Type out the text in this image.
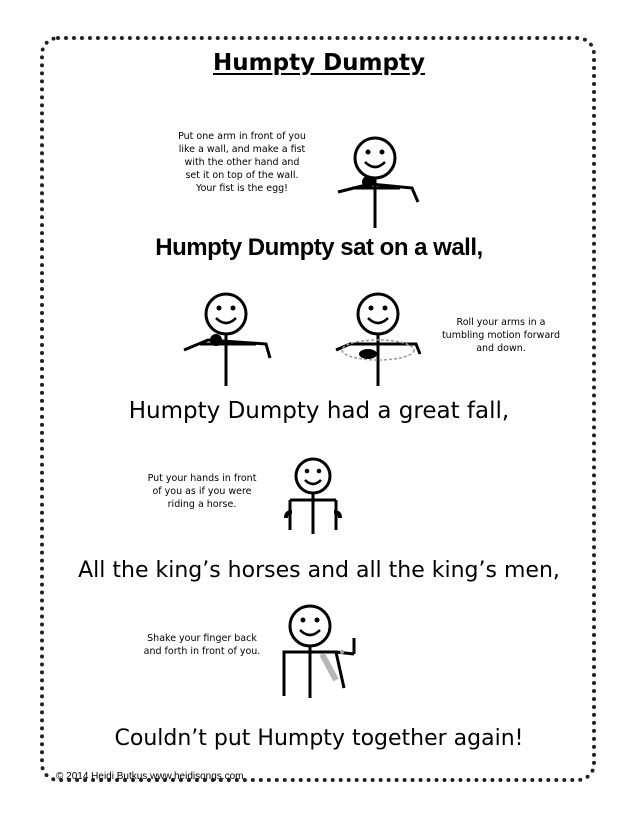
Humpty Dumpty
Put one arm in front of you like a wall, and make a fist with the other hand and set it on top of the wall. Your fist is the egg!
Humpty Dumpty sat on a wall,
Roll your arms in a tumbling motion forward and down.
Humpty Dumpty had a great fall,
Put your hands in front of you as if you were riding a horse.
All the king’s horses and all the king’s men,
Shake your finger back and forth in front of you.
Couldn’t put Humpty together again!
© 2014 Heidi Butkus www.heidisongs.com
